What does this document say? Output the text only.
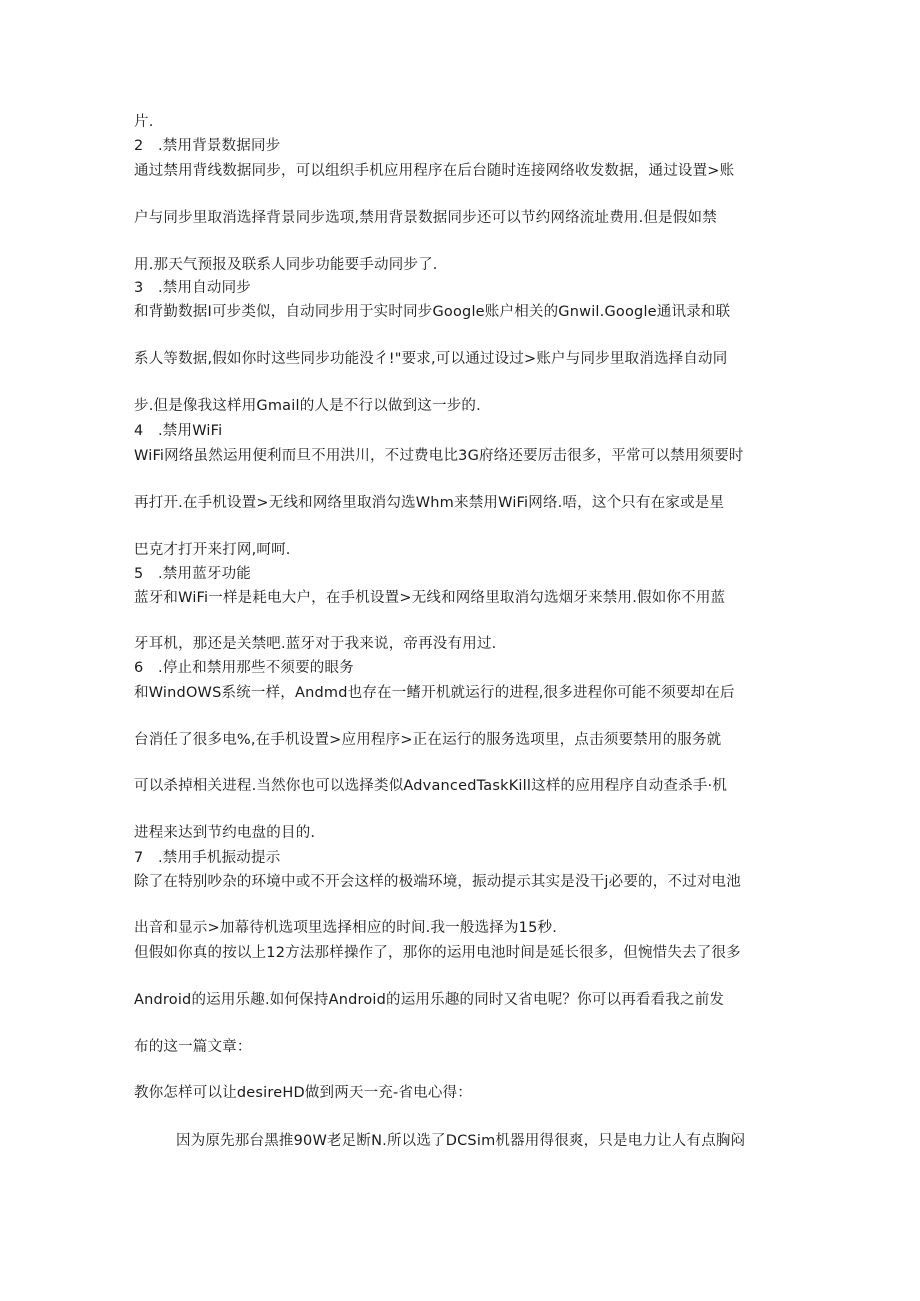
片.
2 .禁用背景数据同步
通过禁用背线数据同步，可以组织手机应用程序在后台随时连接网络收发数据，通过设置>账
户与同步里取消选择背景同步选项,禁用背景数据同步还可以节约网络流址费用.但是假如禁
用.那天气预报及联系人同步功能要手动同步了.
3 .禁用自动同步
和背勤数据I可步类似，自动同步用于实时同步Google账户相关的Gnwil.Google通讯录和联
系人等数据,假如你时这些同步功能没彳!"要求,可以通过设过>账户与同步里取消选择自动同
步.但是像我这样用Gmail的人是不行以做到这一步的.
4 .禁用WiFi
WiFi网络虽然运用便利而旦不用洪川，不过费电比3G府络还要厉击很多，平常可以禁用须要时
再打开.在手机设置>无线和网络里取消勾选Whm来禁用WiFi网络.唔，这个只有在家或是星
巴克才打开来打网,呵呵.
5 .禁用蓝牙功能
蓝牙和WiFi一样是耗电大户，在手机设置>无线和网络里取消勾选烟牙来禁用.假如你不用蓝
牙耳机，那还是关禁吧.蓝牙对于我来说，帝再没有用过.
6 .停止和禁用那些不须要的眼务
和WindOWS系统一样，Andmd也存在一鳍开机就运行的进程,很多进程你可能不须要却在后
台消任了很多电%,在手机设置>应用程序>正在运行的服务选项里，点击须要禁用的服务就
可以杀掉相关进程.当然你也可以选择类似AdvancedTaskKill这样的应用程序自动查杀手·机
进程来达到节约电盘的目的.
7 .禁用手机振动提示
除了在特别吵杂的环境中或不开会这样的极端环境，振动提示其实是没干j必要的，不过对电池
出音和显示>加幕待机选项里选择相应的时间.我一般选择为15秒.
但假如你真的按以上12方法那样操作了，那你的运用电池时间是延长很多，但惋惜失去了很多
Android的运用乐趣.如何保持Android的运用乐趣的同时又省电呢？你可以再看看我之前发
布的这一篇文章：
教你怎样可以让desireHD做到两天一充-省电心得：
因为原先那台黑推90W老足断N.所以选了DCSim机器用得很爽，只是电力让人有点胸闷
